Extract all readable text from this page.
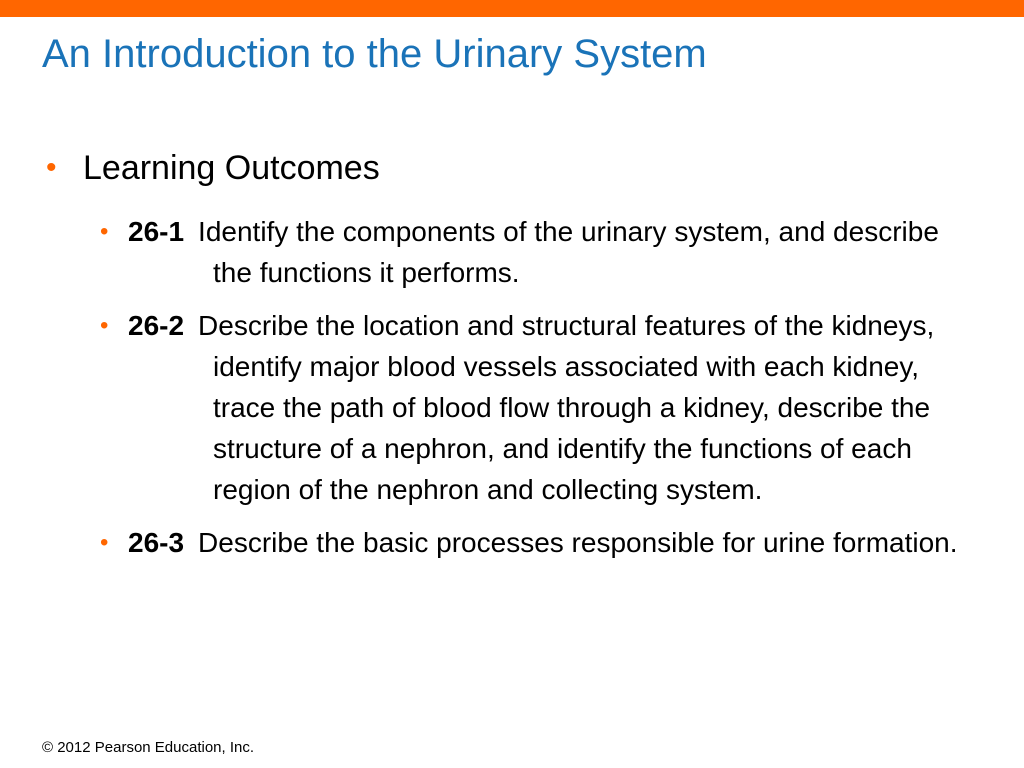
An Introduction to the Urinary System
• Learning Outcomes
• 26-1 Identify the components of the urinary system, and describe the functions it performs.
• 26-2 Describe the location and structural features of the kidneys, identify major blood vessels associated with each kidney, trace the path of blood flow through a kidney, describe the structure of a nephron, and identify the functions of each region of the nephron and collecting system.
• 26-3 Describe the basic processes responsible for urine formation.
© 2012 Pearson Education, Inc.
